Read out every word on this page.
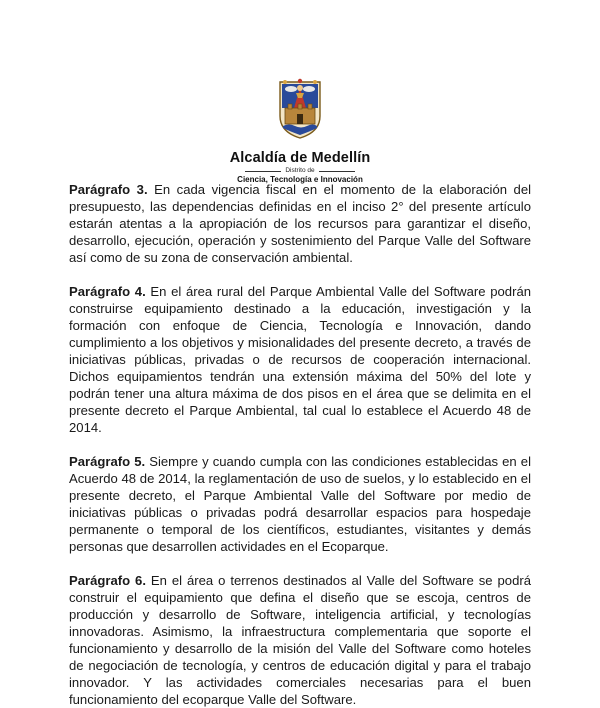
Alcaldía de Medellín
Distrito de
Ciencia, Tecnología e Innovación

Parágrafo 3. En cada vigencia fiscal en el momento de la elaboración del presupuesto, las dependencias definidas en el inciso 2° del presente artículo estarán atentas a la apropiación de los recursos para garantizar el diseño, desarrollo, ejecución, operación y sostenimiento del Parque Valle del Software así como de su zona de conservación ambiental.

Parágrafo 4. En el área rural del Parque Ambiental Valle del Software podrán construirse equipamiento destinado a la educación, investigación y la formación con enfoque de Ciencia, Tecnología e Innovación, dando cumplimiento a los objetivos y misionalidades del presente decreto, a través de iniciativas públicas, privadas o de recursos de cooperación internacional. Dichos equipamientos tendrán una extensión máxima del 50% del lote y podrán tener una altura máxima de dos pisos en el área que se delimita en el presente decreto el Parque Ambiental, tal cual lo establece el Acuerdo 48 de 2014.

Parágrafo 5. Siempre y cuando cumpla con las condiciones establecidas en el Acuerdo 48 de 2014, la reglamentación de uso de suelos, y lo establecido en el presente decreto, el Parque Ambiental Valle del Software por medio de iniciativas públicas o privadas podrá desarrollar espacios para hospedaje permanente o temporal de los científicos, estudiantes, visitantes y demás personas que desarrollen actividades en el Ecoparque.

Parágrafo 6. En el área o terrenos destinados al Valle del Software se podrá construir el equipamiento que defina el diseño que se escoja, centros de producción y desarrollo de Software, inteligencia artificial, y tecnologías innovadoras. Asimismo, la infraestructura complementaria que soporte el funcionamiento y desarrollo de la misión del Valle del Software como hoteles de negociación de tecnología, y centros de educación digital y para el trabajo innovador. Y las actividades comerciales necesarias para el buen funcionamiento del ecoparque Valle del Software.
